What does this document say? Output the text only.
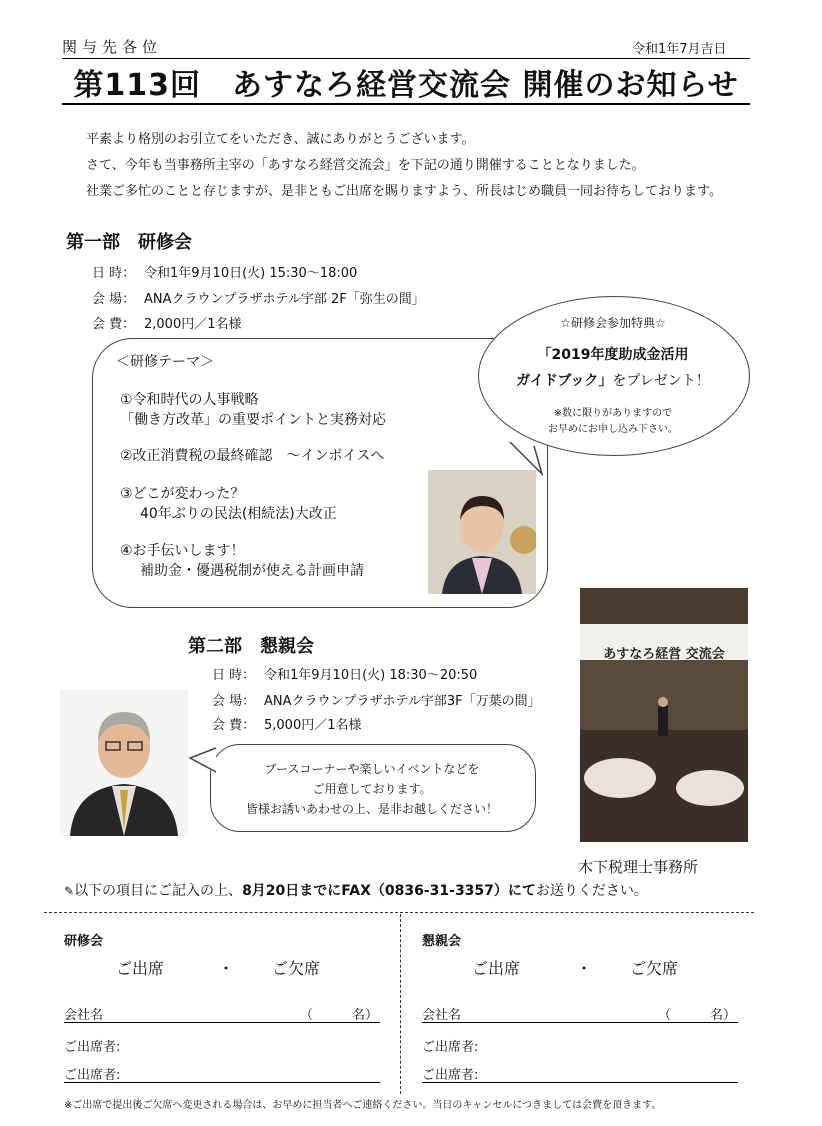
関与先各位	令和1年7月吉日
第113回　あすなろ経営交流会 開催のお知らせ
平素より格別のお引立てをいただき、誠にありがとうございます。
さて、今年も当事務所主宰の「あすなろ経営交流会」を下記の通り開催することとなりました。
社業ご多忙のことと存じますが、是非ともご出席を賜りますよう、所長はじめ職員一同お待ちしております。
第一部　研修会
日 時： 令和1年9月10日(火) 15:30～18:00
会 場： ANAクラウンプラザホテル宇部 2F「弥生の間」
会 費： 2,000円／1名様
＜研修テーマ＞
①令和時代の人事戦略
「働き方改革」の重要ポイントと実務対応
②改正消費税の最終確認　～インボイスへ
③どこが変わった？
40年ぶりの民法(相続法)大改正
④お手伝いします！
補助金・優遇税制が使える計画申請
☆研修会参加特典☆
「2019年度助成金活用
ガイドブック」をプレゼント！
※数に限りがありますので
お早めにお申し込み下さい。
あすなろ経営 交流会
第二部　懇親会
日 時： 令和1年9月10日(火) 18:30～20:50
会 場： ANAクラウンプラザホテル宇部3F「万葉の間」
会 費： 5,000円／1名様
ブースコーナーや楽しいイベントなどを
ご用意しております。
皆様お誘いあわせの上、是非お越しください！
木下税理士事務所
✎以下の項目にご記入の上、8月20日までにFAX（0836-31-3357）にてお送りください。
研修会
ご出席	・ ご欠席
会社名	（　　　名）
ご出席者:
ご出席者:
懇親会
ご出席	・ ご欠席
会社名	（　　　名）
ご出席者:
ご出席者:
※ご出席で提出後ご欠席へ変更される場合は、お早めに担当者へご連絡ください。当日のキャンセルにつきましては会費を頂きます。
